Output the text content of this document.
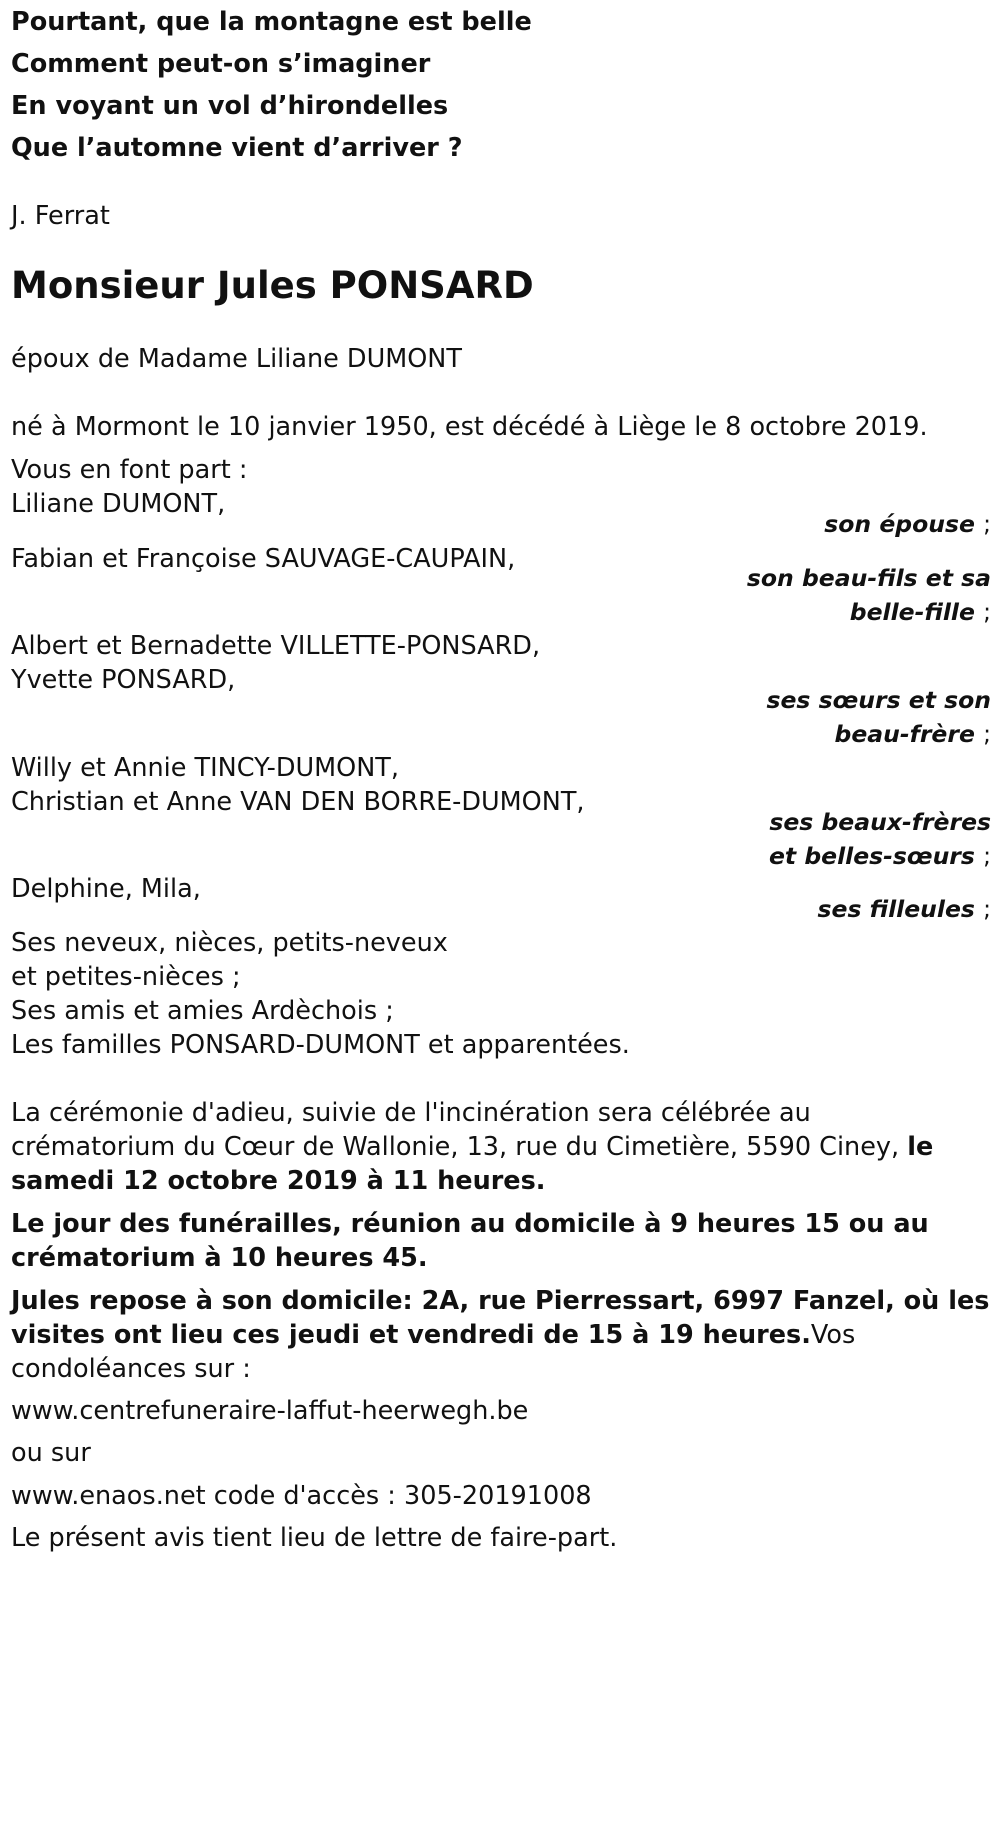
Pourtant, que la montagne est belle
Comment peut-on s’imaginer
En voyant un vol d’hirondelles
Que l’automne vient d’arriver ?
J. Ferrat
Monsieur Jules PONSARD
époux de Madame Liliane DUMONT
né à Mormont le 10 janvier 1950, est décédé à Liège le 8 octobre 2019.
Vous en font part :
Liliane DUMONT,
son épouse ;
Fabian et Françoise SAUVAGE-CAUPAIN,
son beau-fils et sa
belle-fille ;
Albert et Bernadette VILLETTE-PONSARD,
Yvette PONSARD,
ses sœurs et son
beau-frère ;
Willy et Annie TINCY-DUMONT,
Christian et Anne VAN DEN BORRE-DUMONT,
ses beaux-frères
et belles-sœurs ;
Delphine, Mila,
ses filleules ;
Ses neveux, nièces, petits-neveux
et petites-nièces ;
Ses amis et amies Ardèchois ;
Les familles PONSARD-DUMONT et apparentées.
La cérémonie d'adieu, suivie de l'incinération sera célébrée au
crématorium du Cœur de Wallonie, 13, rue du Cimetière, 5590 Ciney, le
samedi 12 octobre 2019 à 11 heures.
Le jour des funérailles, réunion au domicile à 9 heures 15 ou au
crématorium à 10 heures 45.
Jules repose à son domicile: 2A, rue Pierressart, 6997 Fanzel, où les
visites ont lieu ces jeudi et vendredi de 15 à 19 heures.Vos
condoléances sur :
www.centrefuneraire-laffut-heerwegh.be
ou sur
www.enaos.net code d'accès : 305-20191008
Le présent avis tient lieu de lettre de faire-part.
